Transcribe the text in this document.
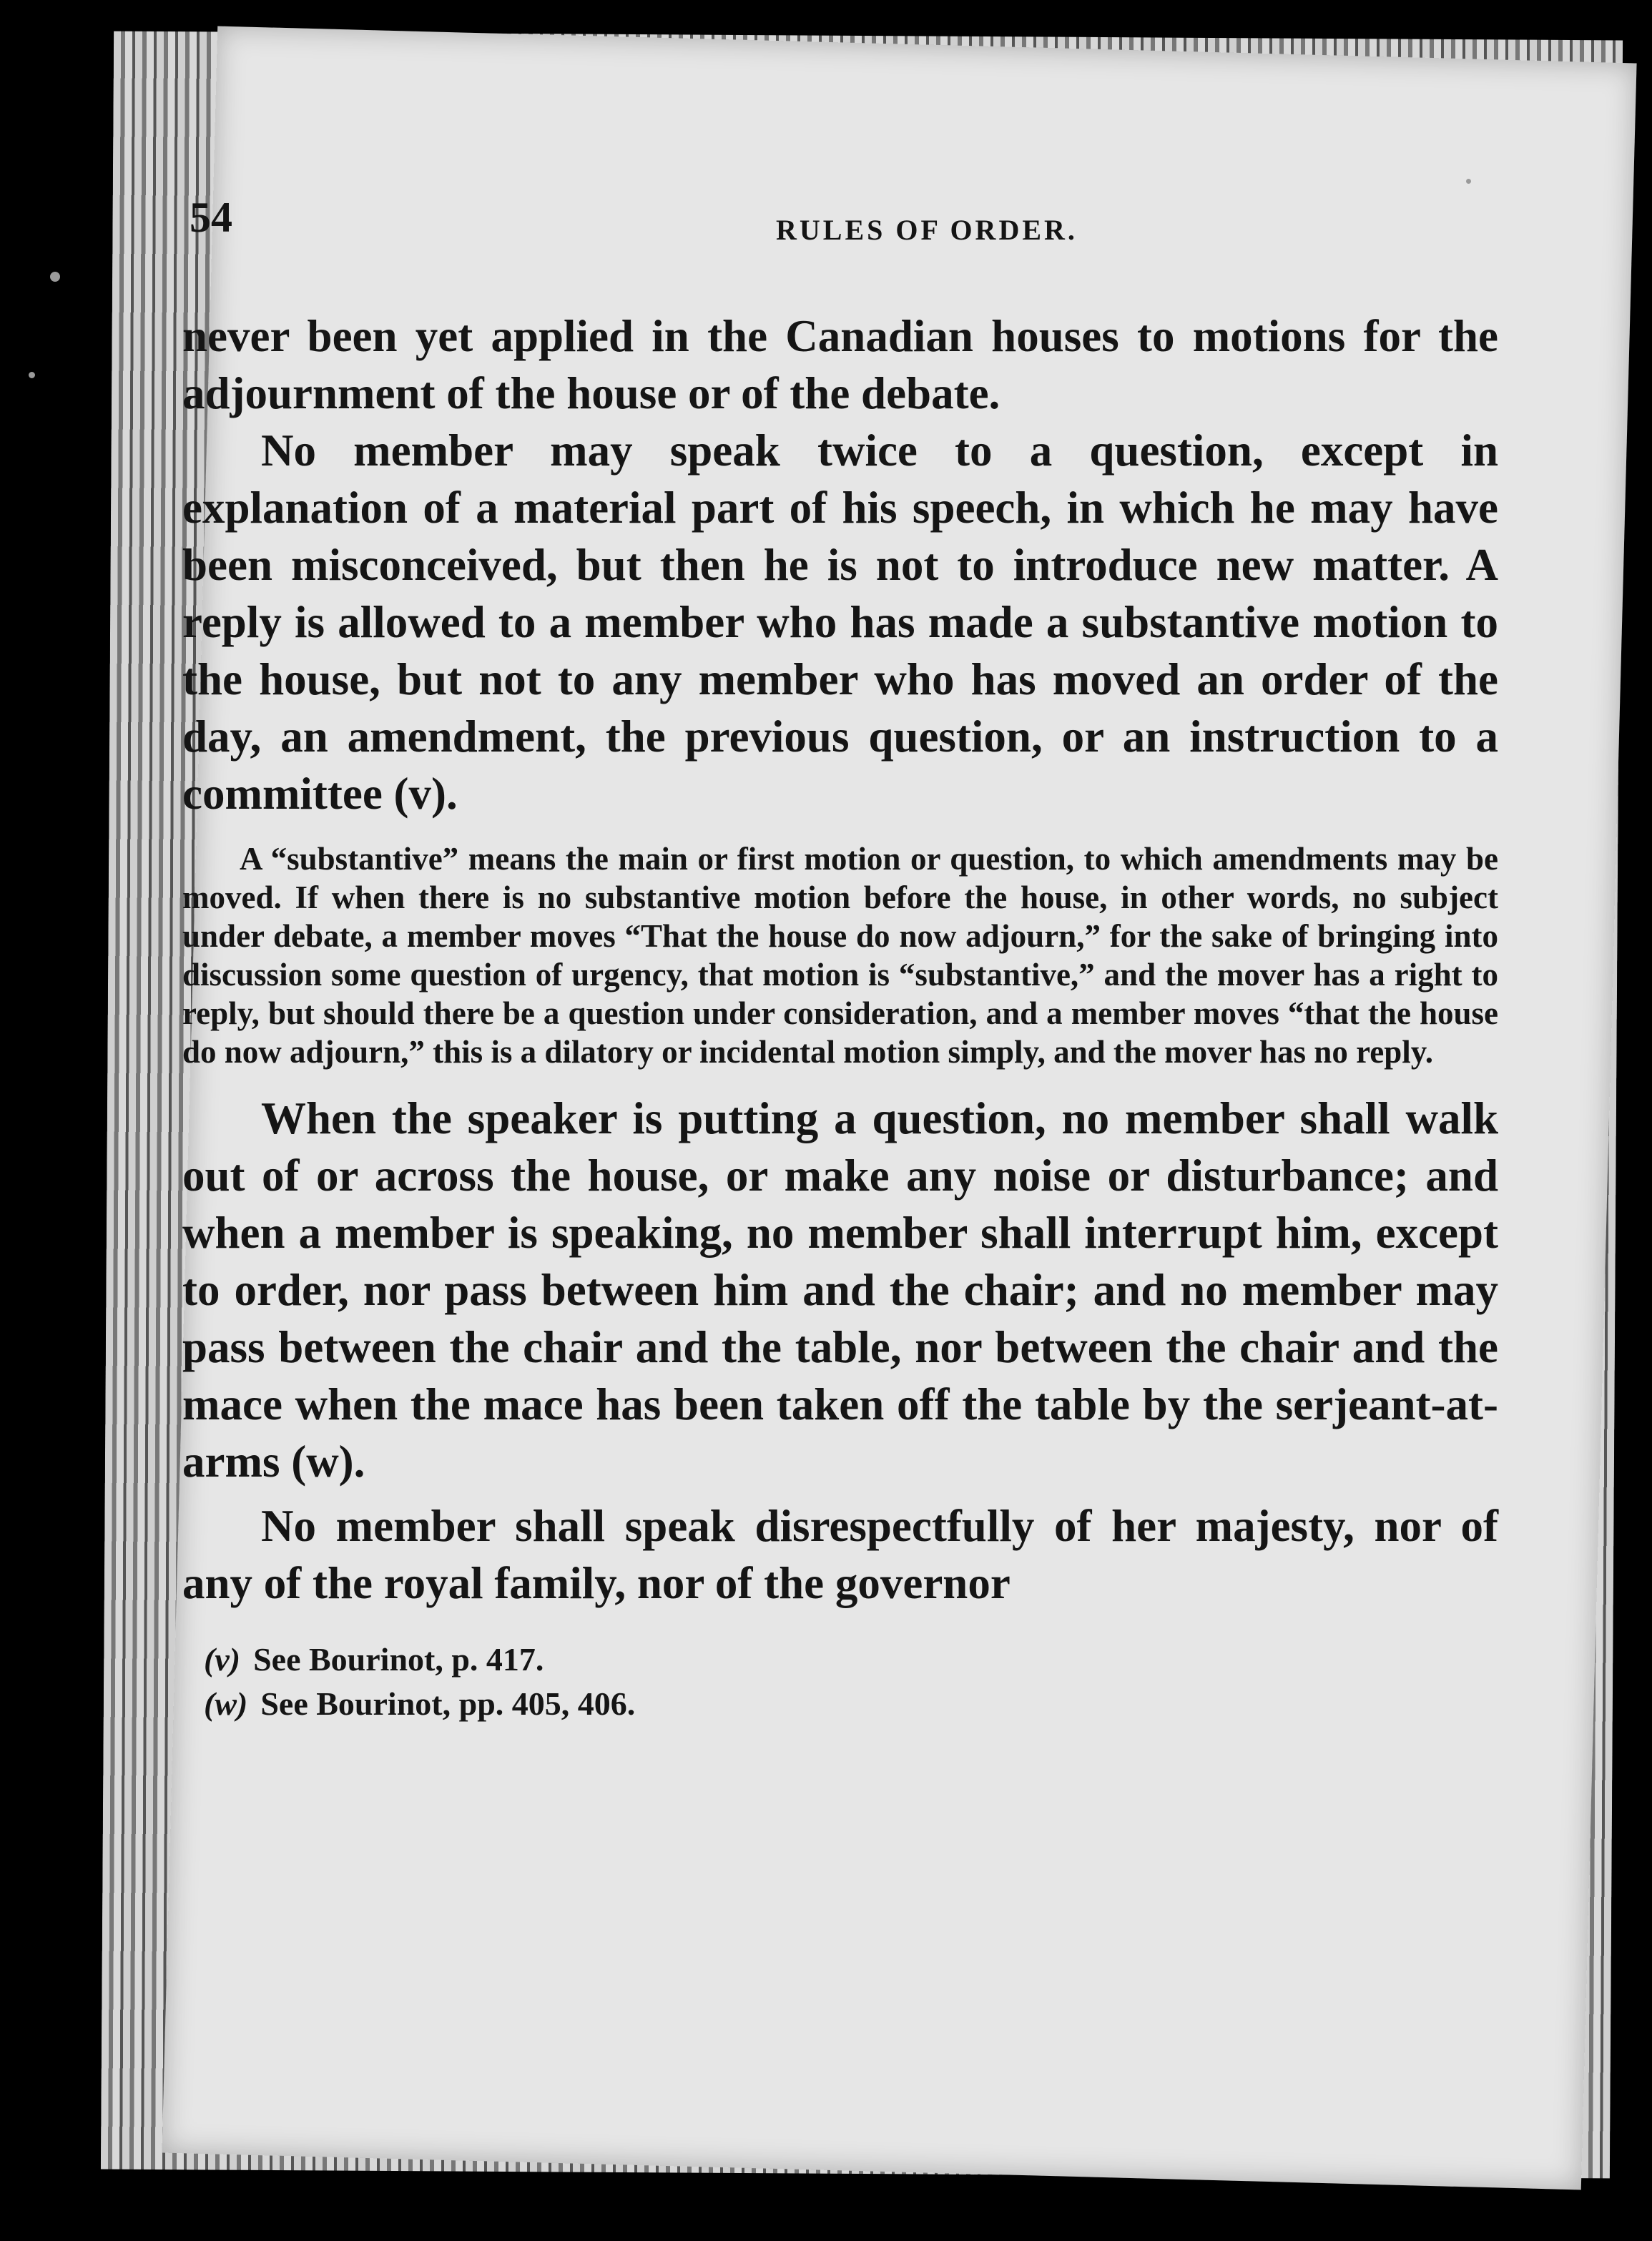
54	RULES OF ORDER.

never been yet applied in the Canadian houses to motions for the adjournment of the house or of the debate.

No member may speak twice to a question, except in explanation of a material part of his speech, in which he may have been misconceived, but then he is not to introduce new matter. A reply is allowed to a member who has made a substantive motion to the house, but not to any member who has moved an order of the day, an amendment, the previous question, or an instruction to a committee (v).

A “substantive” means the main or first motion or question, to which amendments may be moved. If when there is no substantive motion before the house, in other words, no subject under debate, a member moves “That the house do now adjourn,” for the sake of bringing into discussion some question of urgency, that motion is “substantive,” and the mover has a right to reply, but should there be a question under consideration, and a member moves “that the house do now adjourn,” this is a dilatory or incidental motion simply, and the mover has no reply.

When the speaker is putting a question, no member shall walk out of or across the house, or make any noise or disturbance; and when a member is speaking, no member shall interrupt him, except to order, nor pass between him and the chair; and no member may pass between the chair and the table, nor between the chair and the mace when the mace has been taken off the table by the serjeant-at-arms (w).

No member shall speak disrespectfully of her majesty, nor of any of the royal family, nor of the governor

(v) See Bourinot, p. 417.
(w) See Bourinot, pp. 405, 406.
